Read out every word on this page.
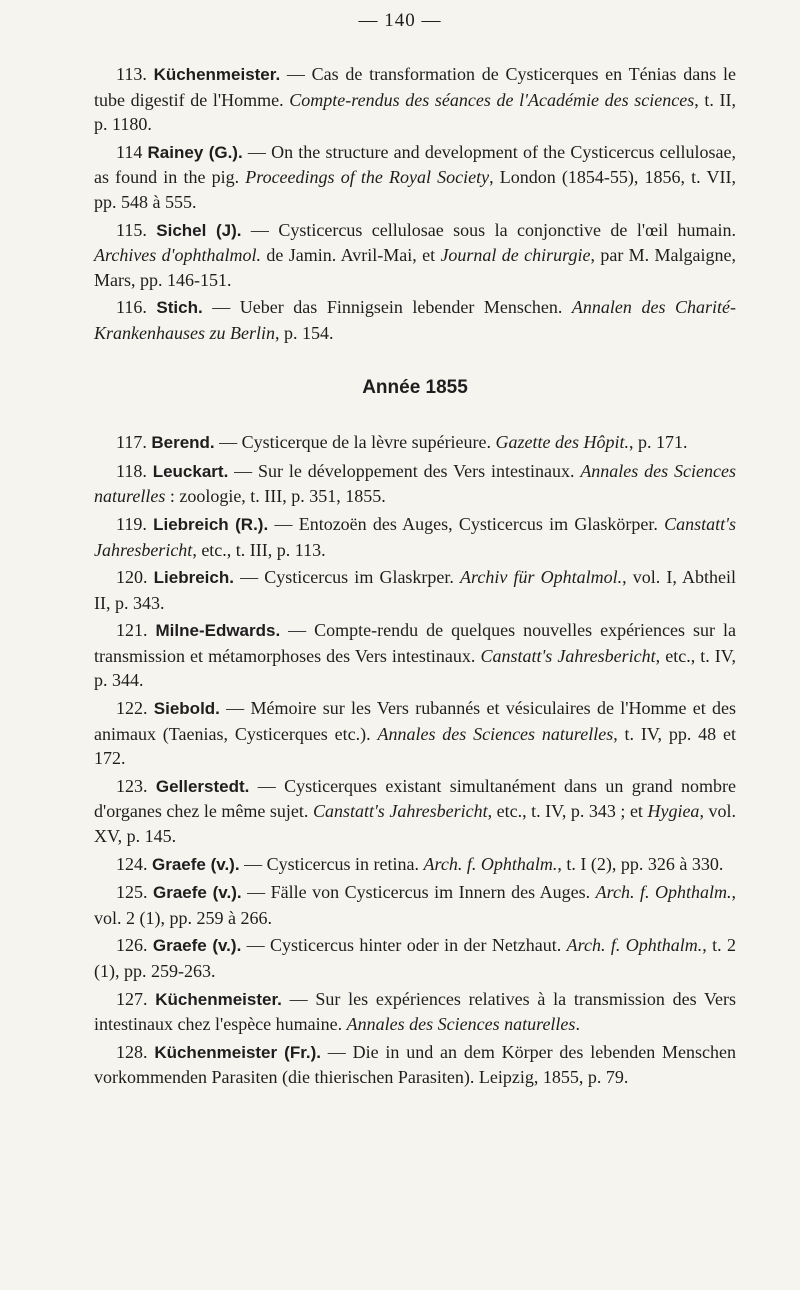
— 140 —

113. Küchenmeister. — Cas de transformation de Cysticerques en Ténias dans le tube digestif de l'Homme. Compte-rendus des séances de l'Académie des sciences, t. II, p. 1180.

114 Rainey (G.). — On the structure and development of the Cysticercus cellulosae, as found in the pig. Proceedings of the Royal Society, London (1854-55), 1856, t. VII, pp. 548 à 555.

115. Sichel (J). — Cysticercus cellulosae sous la conjonctive de l'œil humain. Archives d'ophthalmol. de Jamin. Avril-Mai, et Journal de chirurgie, par M. Malgaigne, Mars, pp. 146-151.

116. Stich. — Ueber das Finnigsein lebender Menschen. Annalen des Charité-Krankenhauses zu Berlin, p. 154.

Année 1855

117. Berend. — Cysticerque de la lèvre supérieure. Gazette des Hôpit., p. 171.

118. Leuckart. — Sur le développement des Vers intestinaux. Annales des Sciences naturelles : zoologie, t. III, p. 351, 1855.

119. Liebreich (R.). — Entozoën des Auges, Cysticercus im Glaskörper. Canstatt's Jahresbericht, etc., t. III, p. 113.

120. Liebreich. — Cysticercus im Glaskrper. Archiv für Ophtalmol., vol. I, Abtheil II, p. 343.

121. Milne-Edwards. — Compte-rendu de quelques nouvelles expériences sur la transmission et métamorphoses des Vers intestinaux. Canstatt's Jahresbericht, etc., t. IV, p. 344.

122. Siebold. — Mémoire sur les Vers rubannés et vésiculaires de l'Homme et des animaux (Taenias, Cysticerques etc.). Annales des Sciences naturelles, t. IV, pp. 48 et 172.

123. Gellerstedt. — Cysticerques existant simultanément dans un grand nombre d'organes chez le même sujet. Canstatt's Jahresbericht, etc., t. IV, p. 343 ; et Hygiea, vol. XV, p. 145.

124. Graefe (v.). — Cysticercus in retina. Arch. f. Ophthalm., t. I (2), pp. 326 à 330.

125. Graefe (v.). — Fälle von Cysticercus im Innern des Auges. Arch. f. Ophthalm., vol. 2 (1), pp. 259 à 266.

126. Graefe (v.). — Cysticercus hinter oder in der Netzhaut. Arch. f. Ophthalm., t. 2 (1), pp. 259-263.

127. Küchenmeister. — Sur les expériences relatives à la transmission des Vers intestinaux chez l'espèce humaine. Annales des Sciences naturelles.

128. Küchenmeister (Fr.). — Die in und an dem Körper des lebenden Menschen vorkommenden Parasiten (die thierischen Parasiten). Leipzig, 1855, p. 79.
